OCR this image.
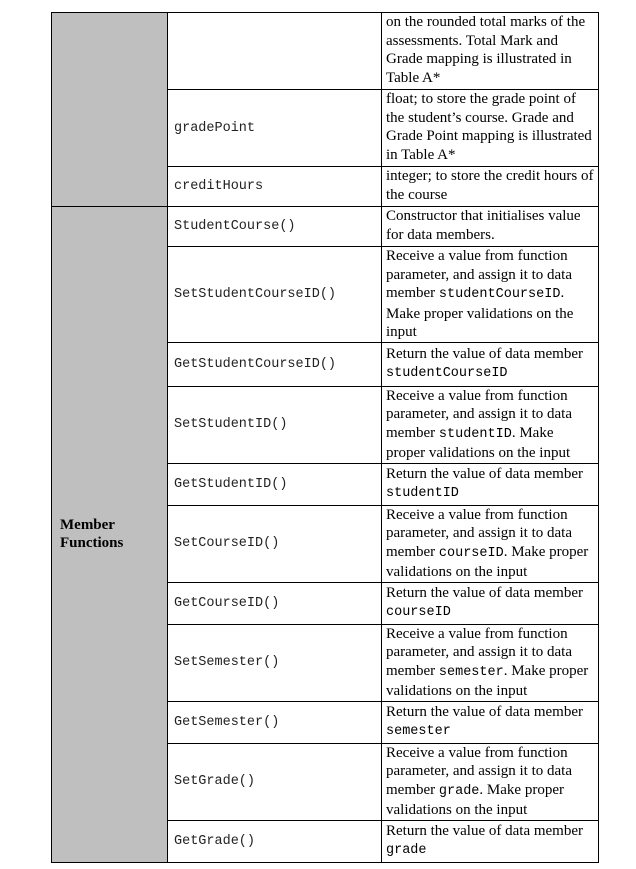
		on the rounded total marks of the assessments. Total Mark and Grade mapping is illustrated in Table A*
	gradePoint	float; to store the grade point of the student’s course. Grade and Grade Point mapping is illustrated in Table A*
	creditHours	integer; to store the credit hours of the course

Member
Functions	StudentCourse()	Constructor that initialises value for data members.
	SetStudentCourseID()	Receive a value from function parameter, and assign it to data member studentCourseID. Make proper validations on the input
	GetStudentCourseID()	Return the value of data member studentCourseID
	SetStudentID()	Receive a value from function parameter, and assign it to data member studentID. Make proper validations on the input
	GetStudentID()	Return the value of data member studentID
	SetCourseID()	Receive a value from function parameter, and assign it to data member courseID. Make proper validations on the input
	GetCourseID()	Return the value of data member courseID
	SetSemester()	Receive a value from function parameter, and assign it to data member semester. Make proper validations on the input
	GetSemester()	Return the value of data member semester
	SetGrade()	Receive a value from function parameter, and assign it to data member grade. Make proper validations on the input
	GetGrade()	Return the value of data member grade
